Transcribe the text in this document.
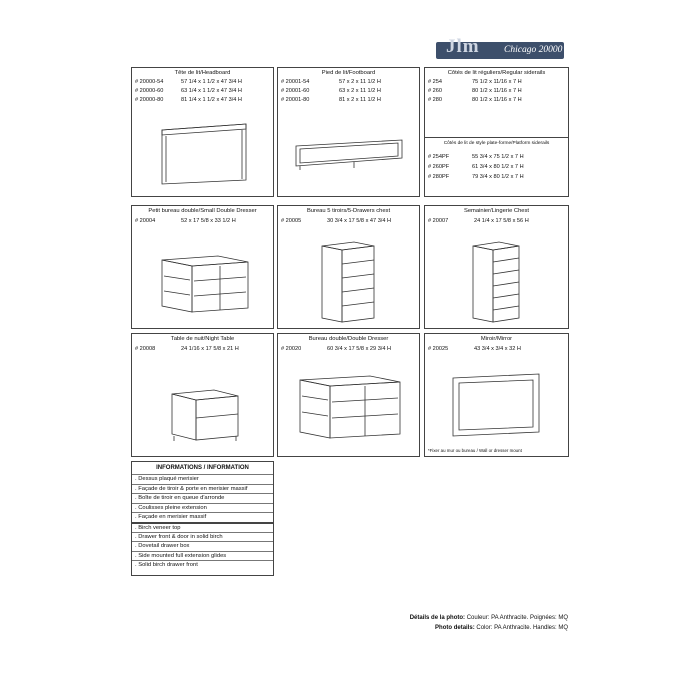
Jlm	Chicago 20000
Tête de lit/Headboard
# 20000-54	57 1/4 x 1 1/2 x 47 3/4 H
# 20000-60	63 1/4 x 1 1/2 x 47 3/4 H
# 20000-80	81 1/4 x 1 1/2 x 47 3/4 H
Pied de lit/Footboard
# 20001-54	57 x 2 x 11 1/2 H
# 20001-60	63 x 2 x 11 1/2 H
# 20001-80	81 x 2 x 11 1/2 H
Côtés de lit réguliers/Regular siderails
# 254	75 1/2 x 11/16 x 7 H
# 260	80 1/2 x 11/16 x 7 H
# 280	80 1/2 x 11/16 x 7 H
Côtés de lit de style plate-forme/Platform siderails
# 254PF	55 3/4 x 75 1/2 x 7 H
# 260PF	61 3/4 x 80 1/2 x 7 H
# 280PF	79 3/4 x 80 1/2 x 7 H
Petit bureau double/Small Double Dresser
# 20004	52 x 17 5/8 x 33 1/2 H
Bureau 5 tiroirs/5-Drawers chest
# 20005	30 3/4 x 17 5/8 x 47 3/4 H
Semainier/Lingerie Chest
# 20007	24 1/4 x 17 5/8 x 56 H
Table de nuit/Night Table
# 20008	24 1/16 x 17 5/8 x 21 H
Bureau double/Double Dresser
# 20020	60 3/4 x 17 5/8 x 29 3/4 H
Miroir/Mirror
# 20025	43 3/4 x 3/4 x 32 H
*Fixer au mur ou bureau / Wall or dresser mount
INFORMATIONS / INFORMATION
. Dessus plaqué merisier
. Façade de tiroir & porte en merisier massif
. Boîte de tiroir en queue d'arronde
. Coulisses pleine extension
. Façade en merisier massif
. Birch veneer top
. Drawer front & door in solid birch
. Dovetail drawer box
. Side mounted full extension glides
. Solid birch drawer front
Détails de la photo: Couleur: PA Anthracite. Poignées: MQ
Photo details: Color: PA Anthracite. Handles: MQ
